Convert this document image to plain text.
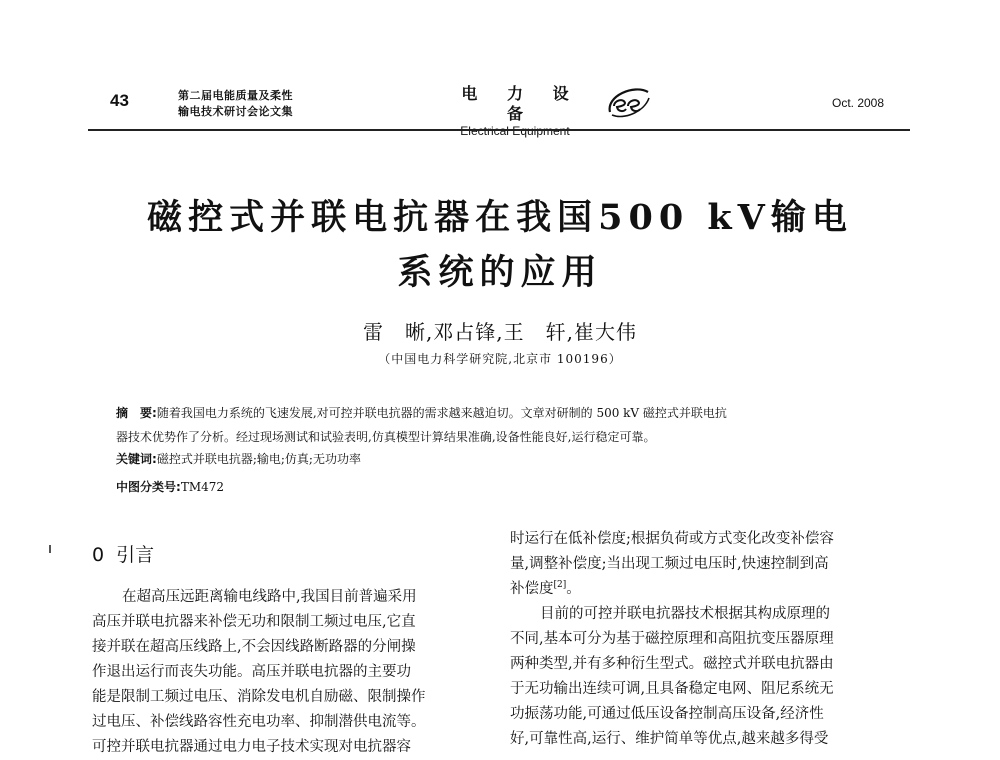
43	第二届电能质量及柔性
输电技术研讨会论文集
电 力 设 备
Electrical Equipment
Oct. 2008
磁控式并联电抗器在我国500 kV输电
系统的应用
雷　晰,邓占锋,王　轩,崔大伟
（中国电力科学研究院,北京市 100196）
摘　要:随着我国电力系统的飞速发展,对可控并联电抗器的需求越来越迫切。文章对研制的 500 kV 磁控式并联电抗
器技术优势作了分析。经过现场测试和试验表明,仿真模型计算结果准确,设备性能良好,运行稳定可靠。
关键词:磁控式并联电抗器;输电;仿真;无功功率
中图分类号:TM472
0 引言
在超高压远距离输电线路中,我国目前普遍采用
高压并联电抗器来补偿无功和限制工频过电压,它直
接并联在超高压线路上,不会因线路断路器的分闸操
作退出运行而丧失功能。高压并联电抗器的主要功
能是限制工频过电压、消除发电机自励磁、限制操作
过电压、补偿线路容性充电功率、抑制潜供电流等。
可控并联电抗器通过电力电子技术实现对电抗器容
时运行在低补偿度;根据负荷或方式变化改变补偿容
量,调整补偿度;当出现工频过电压时,快速控制到高
补偿度[2]。
目前的可控并联电抗器技术根据其构成原理的
不同,基本可分为基于磁控原理和高阻抗变压器原理
两种类型,并有多种衍生型式。磁控式并联电抗器由
于无功输出连续可调,且具备稳定电网、阻尼系统无
功振荡功能,可通过低压设备控制高压设备,经济性
好,可靠性高,运行、维护简单等优点,越来越多得受
